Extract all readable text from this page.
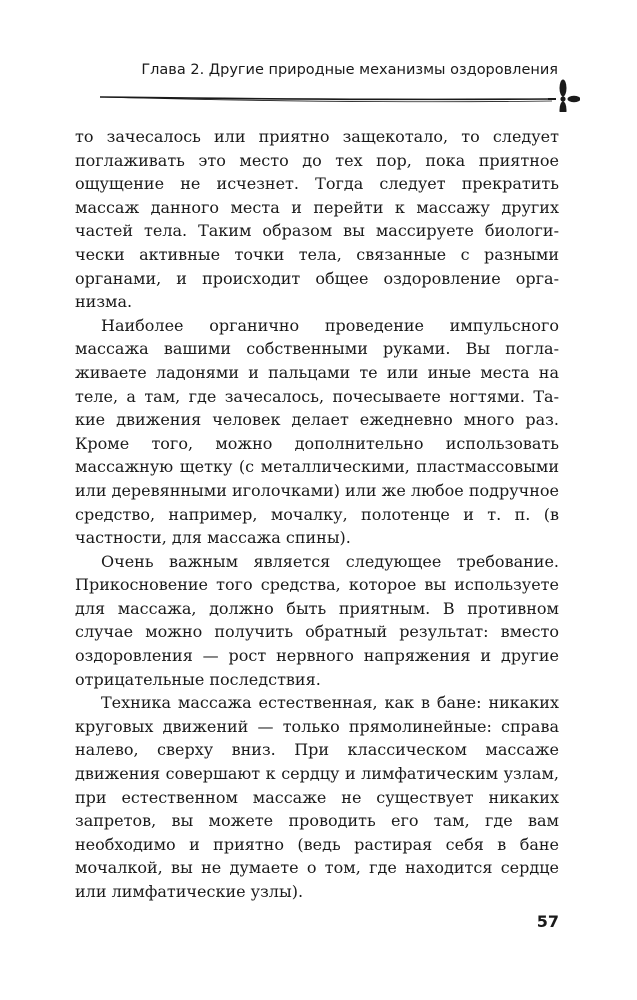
Глава 2. Другие природные механизмы оздоровления

то зачесалось или приятно защекотало, то следует поглаживать это место до тех пор, пока приятное ощущение не исчезнет. Тогда следует прекратить массаж данного места и перейти к массажу других частей тела. Таким образом вы массируете биологически активные точки тела, связанные с разными органами, и происходит общее оздоровление организма.

Наиболее органично проведение импульсного массажа вашими собственными руками. Вы поглаживаете ладонями и пальцами те или иные места на теле, а там, где зачесалось, почесываете ногтями. Такие движения человек делает ежедневно много раз. Кроме того, можно дополнительно использовать массажную щетку (с металлическими, пластмассовыми или деревянными иголочками) или же любое подручное средство, например, мочалку, полотенце и т. п. (в частности, для массажа спины).

Очень важным является следующее требование. Прикосновение того средства, которое вы используете для массажа, должно быть приятным. В противном случае можно получить обратный результат: вместо оздоровления — рост нервного напряжения и другие отрицательные последствия.

Техника массажа естественная, как в бане: никаких круговых движений — только прямолинейные: справа налево, сверху вниз. При классическом массаже движения совершают к сердцу и лимфатическим узлам, при естественном массаже не существует никаких запретов, вы можете проводить его там, где вам необходимо и приятно (ведь растирая себя в бане мочалкой, вы не думаете о том, где находится сердце или лимфатические узлы).

57
